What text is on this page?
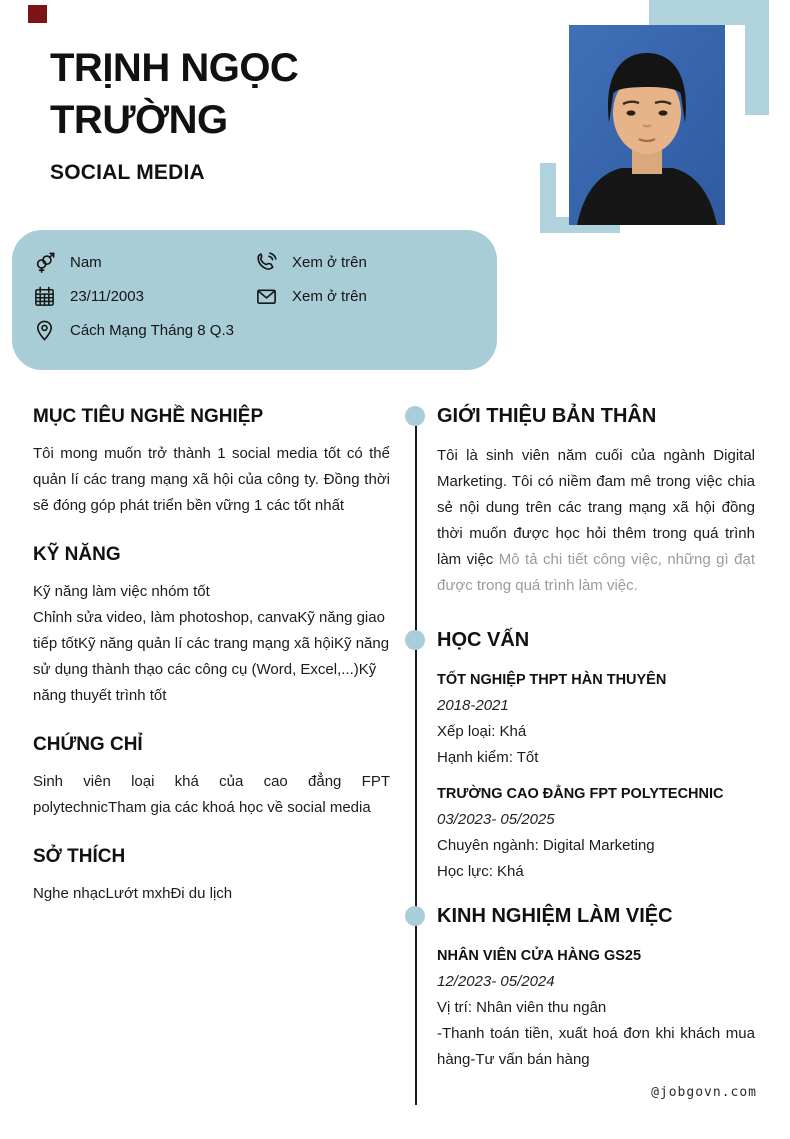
TRỊNH NGỌC TRƯỜNG
SOCIAL MEDIA
Nam
23/11/2003
Cách Mạng Tháng 8 Q.3
Xem ở trên
Xem ở trên
MỤC TIÊU NGHỀ NGHIỆP

Tôi mong muốn trở thành 1 social media tốt có thể quản lí các trang mạng xã hội của công ty. Đồng thời sẽ đóng góp phát triển bền vững 1 các tốt nhất

KỸ NĂNG

Kỹ năng làm việc nhóm tốt

Chỉnh sửa video, làm photoshop, canvaKỹ năng giao tiếp tốtKỹ năng quản lí các trang mạng xã hộiKỹ năng sử dụng thành thạo các công cụ (Word, Excel,...)Kỹ năng thuyết trình tốt

CHỨNG CHỈ

Sinh viên loại khá của cao đẳng FPT polytechnicTham gia các khoá học về social media

SỞ THÍCH

Nghe nhạcLướt mxhĐi du lịch

GIỚI THIỆU BẢN THÂN

Tôi là sinh viên năm cuối của ngành Digital Marketing. Tôi có niềm đam mê trong việc chia sẻ nội dung trên các trang mạng xã hội đồng thời muốn được học hỏi thêm trong quá trình làm việc Mô tả chi tiết công việc, những gì đạt được trong quá trình làm việc.

HỌC VẤN
TỐT NGHIỆP THPT HÀN THUYÊN
2018-2021
Xếp loại: Khá
Hạnh kiểm: Tốt
TRƯỜNG CAO ĐẲNG FPT POLYTECHNIC
03/2023- 05/2025
Chuyên ngành: Digital Marketing
Học lực: Khá
KINH NGHIỆM LÀM VIỆC
NHÂN VIÊN CỬA HÀNG GS25
12/2023- 05/2024
Vị trí: Nhân viên thu ngân
-Thanh toán tiền, xuất hoá đơn khi khách mua hàng-Tư vấn bán hàng
@jobgovn.com
